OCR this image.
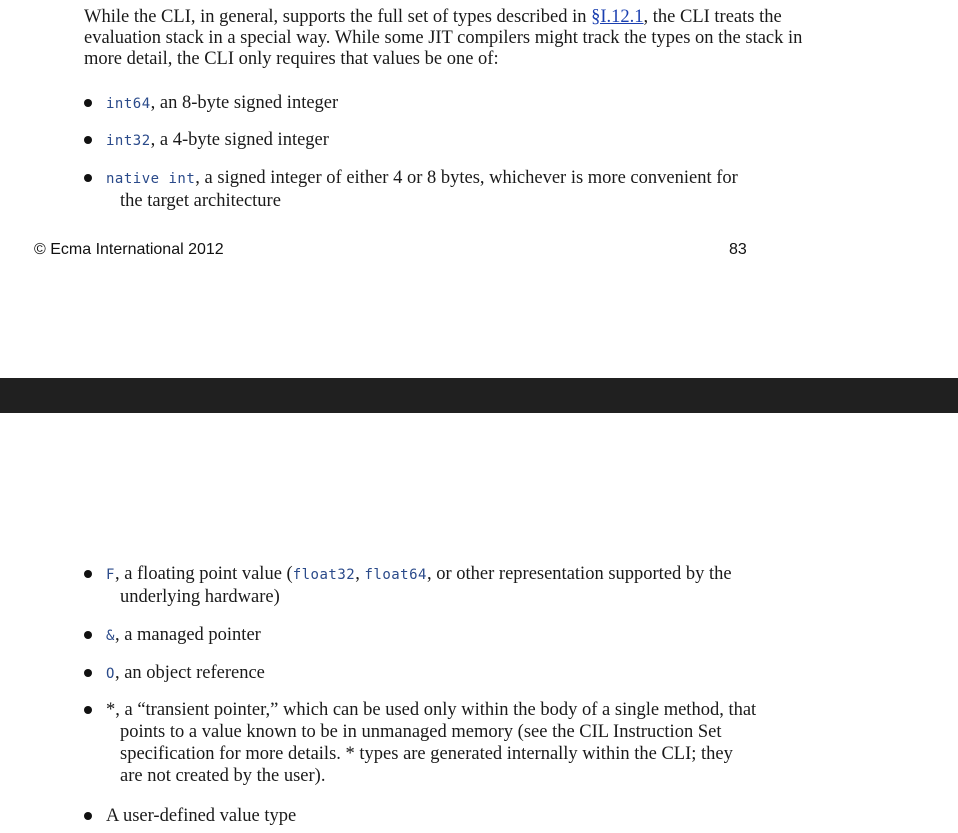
While the CLI, in general, supports the full set of types described in §I.12.1, the CLI treats the
evaluation stack in a special way. While some JIT compilers might track the types on the stack in
more detail, the CLI only requires that values be one of:

int64, an 8-byte signed integer
int32, a 4-byte signed integer
native int, a signed integer of either 4 or 8 bytes, whichever is more convenient for
the target architecture
© Ecma International 2012	83
F, a floating point value (float32, float64, or other representation supported by the
underlying hardware)
&, a managed pointer
O, an object reference
*, a “transient pointer,” which can be used only within the body of a single method, that
points to a value known to be in unmanaged memory (see the CIL Instruction Set
specification for more details. * types are generated internally within the CLI; they
are not created by the user).
A user-defined value type
